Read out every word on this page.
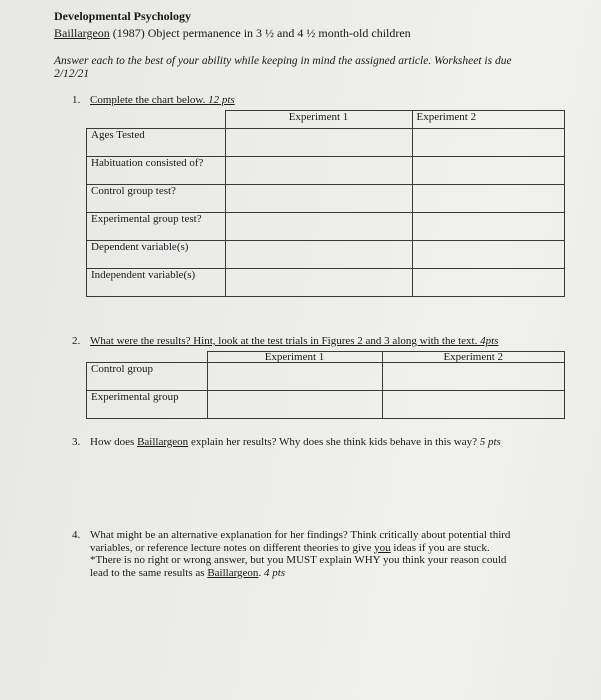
Developmental Psychology
Baillargeon (1987) Object permanence in 3 ½ and 4 ½ month-old children
Answer each to the best of your ability while keeping in mind the assigned article. Worksheet is due 2/12/21
1. Complete the chart below. 12 pts
	Experiment 1	Experiment 2
Ages Tested		
Habituation consisted of?		
Control group test?		
Experimental group test?		
Dependent variable(s)		
Independent variable(s)		
2. What were the results? Hint, look at the test trials in Figures 2 and 3 along with the text. 4pts
	Experiment 1	Experiment 2
Control group		
Experimental group		
3. How does Baillargeon explain her results? Why does she think kids behave in this way? 5 pts
4. What might be an alternative explanation for her findings? Think critically about potential third
variables, or reference lecture notes on different theories to give you ideas if you are stuck.
*There is no right or wrong answer, but you MUST explain WHY you think your reason could
lead to the same results as Baillargeon. 4 pts
